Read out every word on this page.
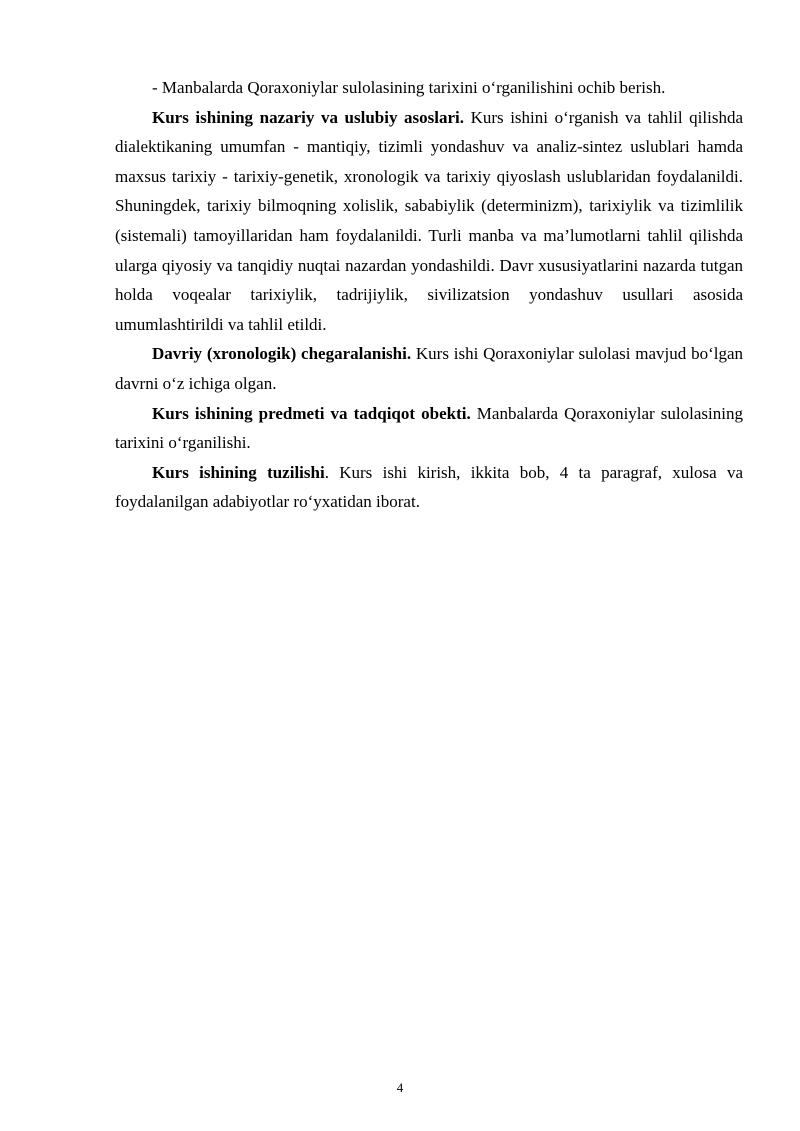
- Manbalarda Qoraxoniylar sulolasining tarixini o‘rganilishini ochib berish.

Kurs ishining nazariy va uslubiy asoslari. Kurs ishini o‘rganish va tahlil qilishda dialektikaning umumfan - mantiqiy, tizimli yondashuv va analiz-sintez uslublari hamda maxsus tarixiy - tarixiy-genetik, xronologik va tarixiy qiyoslash uslublaridan foydalanildi. Shuningdek, tarixiy bilmoqning xolislik, sababiylik (determinizm), tarixiylik va tizimlilik (sistemali) tamoyillaridan ham foydalanildi. Turli manba va ma’lumotlarni tahlil qilishda ularga qiyosiy va tanqidiy nuqtai nazardan yondashildi. Davr xususiyatlarini nazarda tutgan holda voqealar tarixiylik, tadrijiylik, sivilizatsion yondashuv usullari asosida umumlashtirildi va tahlil etildi.

Davriy (xronologik) chegaralanishi. Kurs ishi Qoraxoniylar sulolasi mavjud bo‘lgan davrni o‘z ichiga olgan.

Kurs ishining predmeti va tadqiqot obekti. Manbalarda Qoraxoniylar sulolasining tarixini o‘rganilishi.

Kurs ishining tuzilishi. Kurs ishi kirish, ikkita bob, 4 ta paragraf, xulosa va foydalanilgan adabiyotlar ro‘yxatidan iborat.

4
